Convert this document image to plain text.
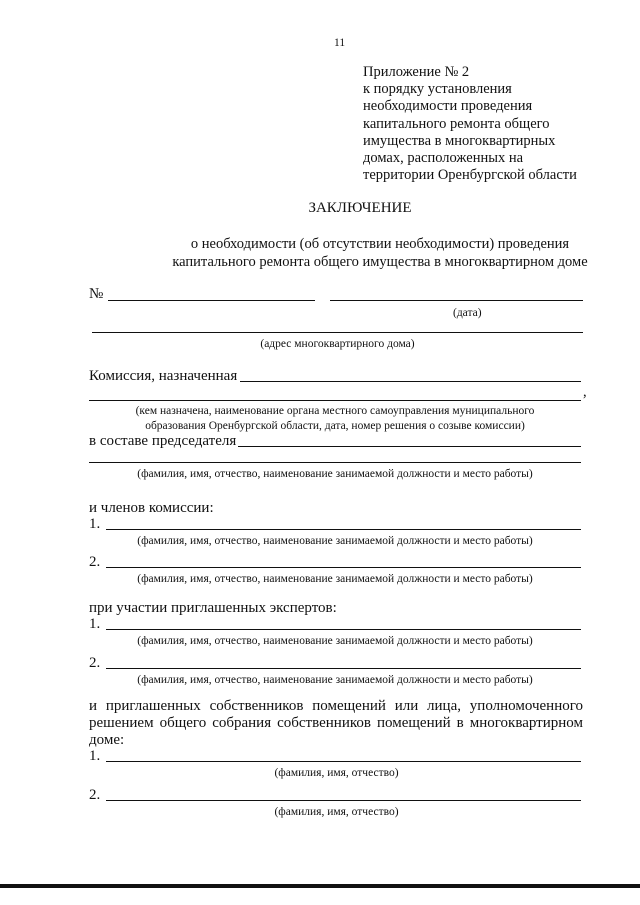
11
Приложение № 2
к порядку установления
необходимости проведения
капитального ремонта общего
имущества в многоквартирных
домах, расположенных на
территории Оренбургской области
ЗАКЛЮЧЕНИЕ
о необходимости (об отсутствии необходимости) проведения
капитального ремонта общего имущества в многоквартирном доме
№
(дата)
(адрес многоквартирного дома)
Комиссия, назначенная
,
(кем назначена, наименование органа местного самоуправления муниципального
образования Оренбургской области, дата, номер решения о созыве комиссии)
в составе председателя
(фамилия, имя, отчество, наименование занимаемой должности и место работы)
и членов комиссии:
1.
(фамилия, имя, отчество, наименование занимаемой должности и место работы)
2.
(фамилия, имя, отчество, наименование занимаемой должности и место работы)
при участии приглашенных экспертов:
1.
(фамилия, имя, отчество, наименование занимаемой должности и место работы)
2.
(фамилия, имя, отчество, наименование занимаемой должности и место работы)
и приглашенных собственников помещений или лица, уполномоченного
решением общего собрания собственников помещений в многоквартирном
доме:
1.
(фамилия, имя, отчество)
2.
(фамилия, имя, отчество)
